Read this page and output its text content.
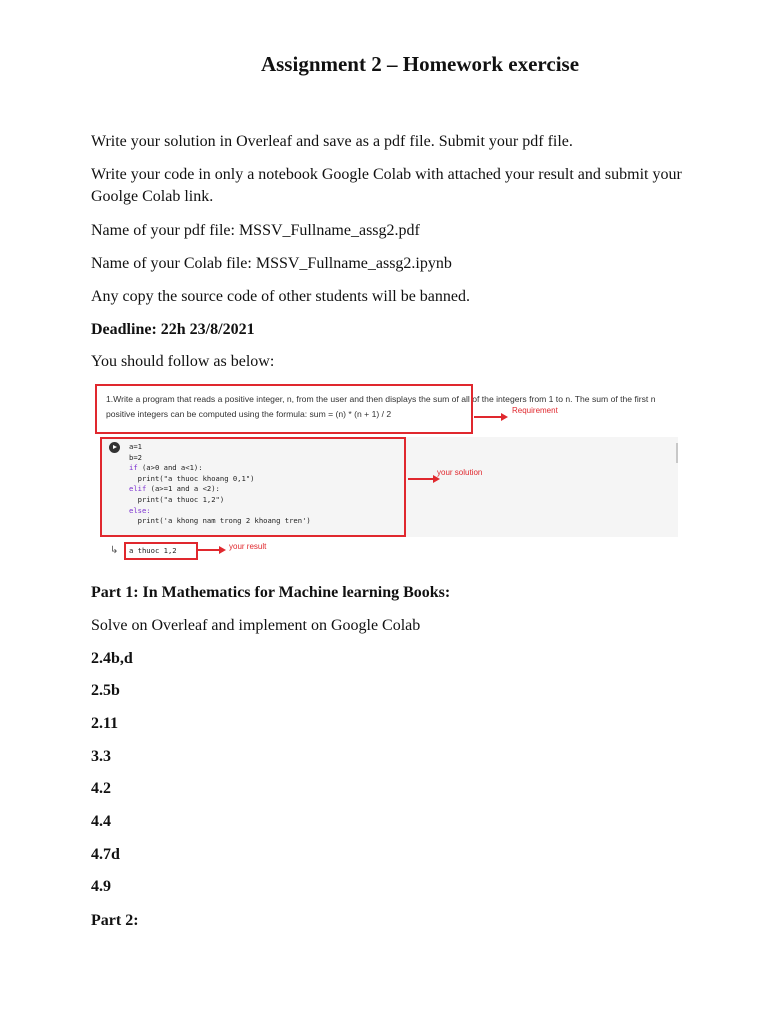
Assignment 2 – Homework exercise
Write your solution in Overleaf and save as a pdf file. Submit your pdf file.
Write your code in only a notebook Google Colab with attached your result and submit your Goolge Colab link.
Name of your pdf file: MSSV_Fullname_assg2.pdf
Name of your Colab file: MSSV_Fullname_assg2.ipynb
Any copy the source code of other students will be banned.
Deadline: 22h 23/8/2021
You should follow as below:
1.Write a program that reads a positive integer, n, from the user and then displays the sum of all of the integers from 1 to n. The sum of the first n positive integers can be computed using the formula: sum = (n) * (n + 1) / 2	Requirement
a=1
b=2
if (a>0 and a<1):
print("a thuoc khoang 0,1")
elif (a>=1 and a <2):
print("a thuoc 1,2")
else:
print('a khong nam trong 2 khoang tren')
your solution
↳ a thuoc 1,2	your result
Part 1: In Mathematics for Machine learning Books:
Solve on Overleaf and implement on Google Colab
2.4b,d
2.5b
2.11
3.3
4.2
4.4
4.7d
4.9
Part 2:
